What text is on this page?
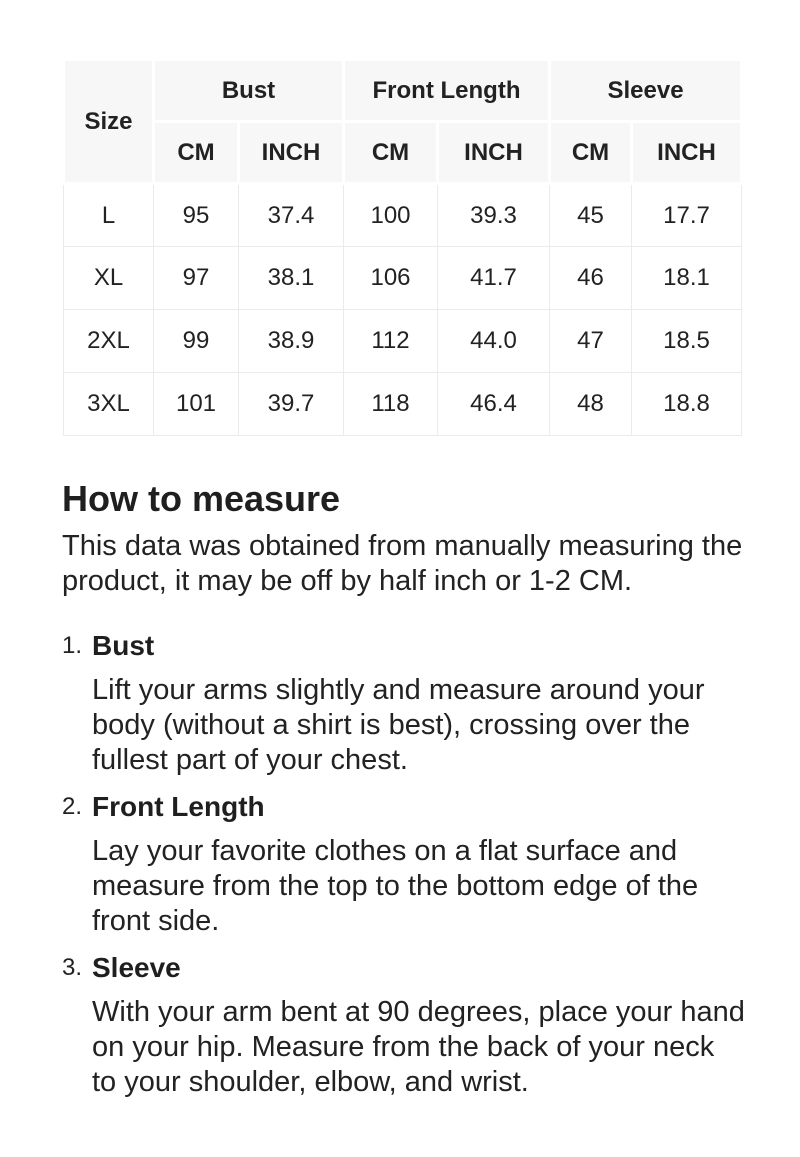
Size	Bust		Front Length		Sleeve	
	CM	INCH	CM	INCH	CM	INCH
L	95	37.4	100	39.3	45	17.7
XL	97	38.1	106	41.7	46	18.1
2XL	99	38.9	112	44.0	47	18.5
3XL	101	39.7	118	46.4	48	18.8
How to measure

This data was obtained from manually measuring the
product, it may be off by half inch or 1-2 CM.

1. Bust
Lift your arms slightly and measure around your
body (without a shirt is best), crossing over the
fullest part of your chest.
2. Front Length
Lay your favorite clothes on a flat surface and
measure from the top to the bottom edge of the
front side.
3. Sleeve
With your arm bent at 90 degrees, place your hand
on your hip. Measure from the back of your neck
to your shoulder, elbow, and wrist.
